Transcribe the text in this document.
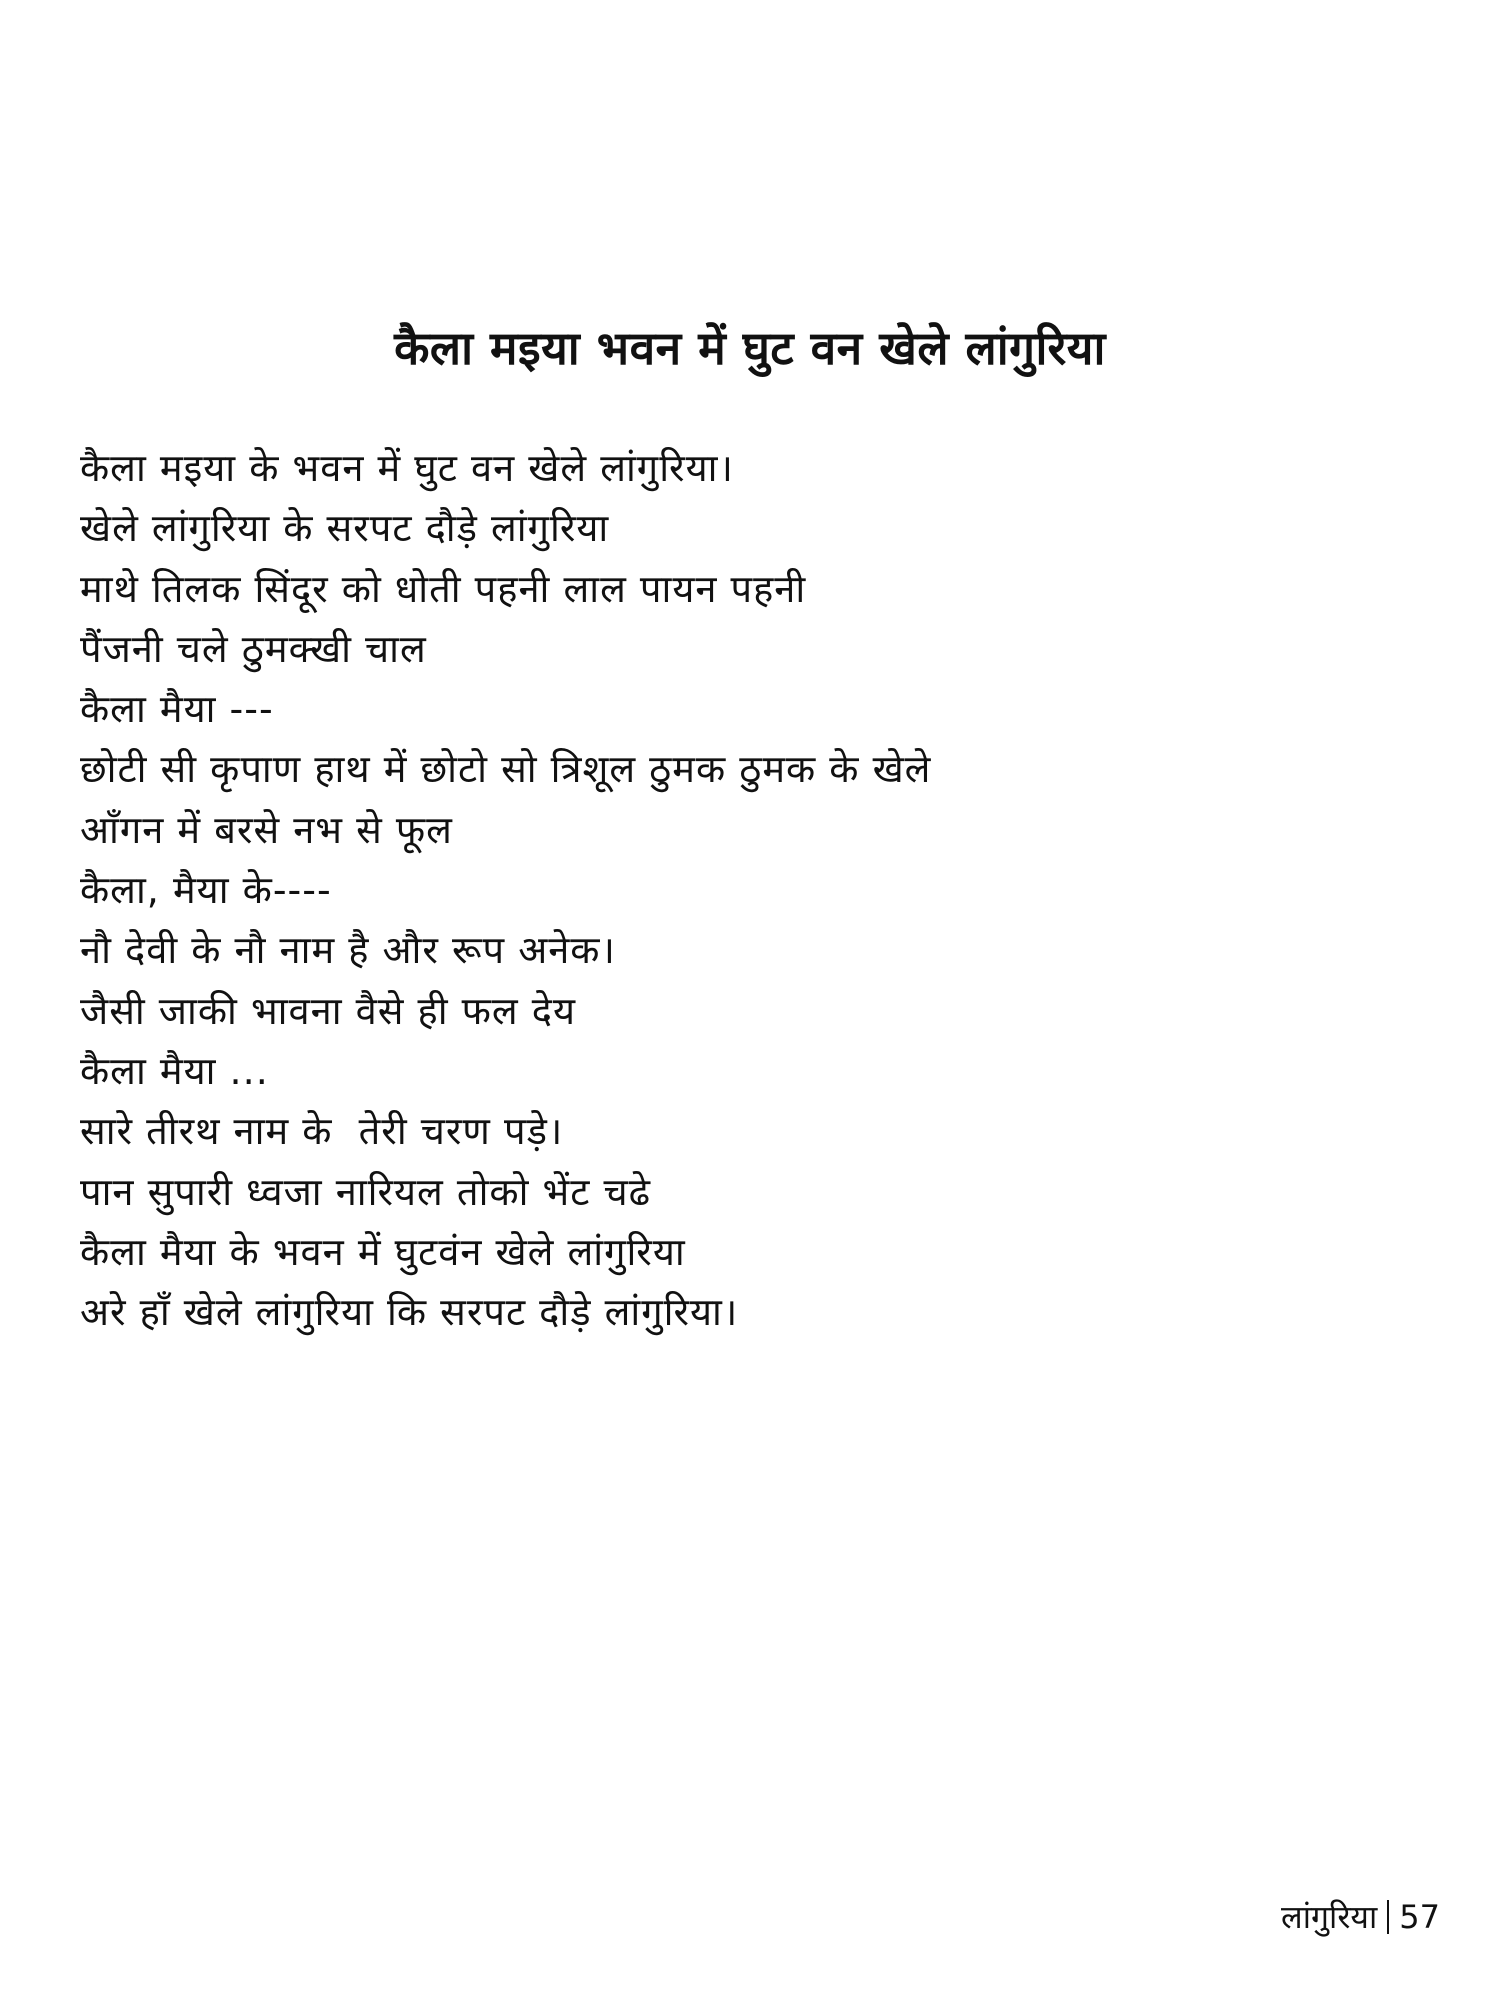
कैला मइया भवन में घुट वन खेले लांगुरिया
कैला मइया के भवन में घुट वन खेले लांगुरिया।
खेले लांगुरिया के सरपट दौड़े लांगुरिया
माथे तिलक सिंदूर को धोती पहनी लाल पायन पहनी
पैंजनी चले ठुमक्खी चाल
कैला मैया ---
छोटी सी कृपाण हाथ में छोटो सो त्रिशूल ठुमक ठुमक के खेले
आँगन में बरसे नभ से फूल
कैला, मैया के----
नौ देवी के नौ नाम है और रूप अनेक।
जैसी जाकी भावना वैसे ही फल देय
कैला मैया ...
सारे तीरथ नाम के  तेरी चरण पड़े।
पान सुपारी ध्वजा नारियल तोको भेंट चढे
कैला मैया के भवन में घुटवंन खेले लांगुरिया
अरे हाँ खेले लांगुरिया कि सरपट दौड़े लांगुरिया।
लांगुरिया 57
